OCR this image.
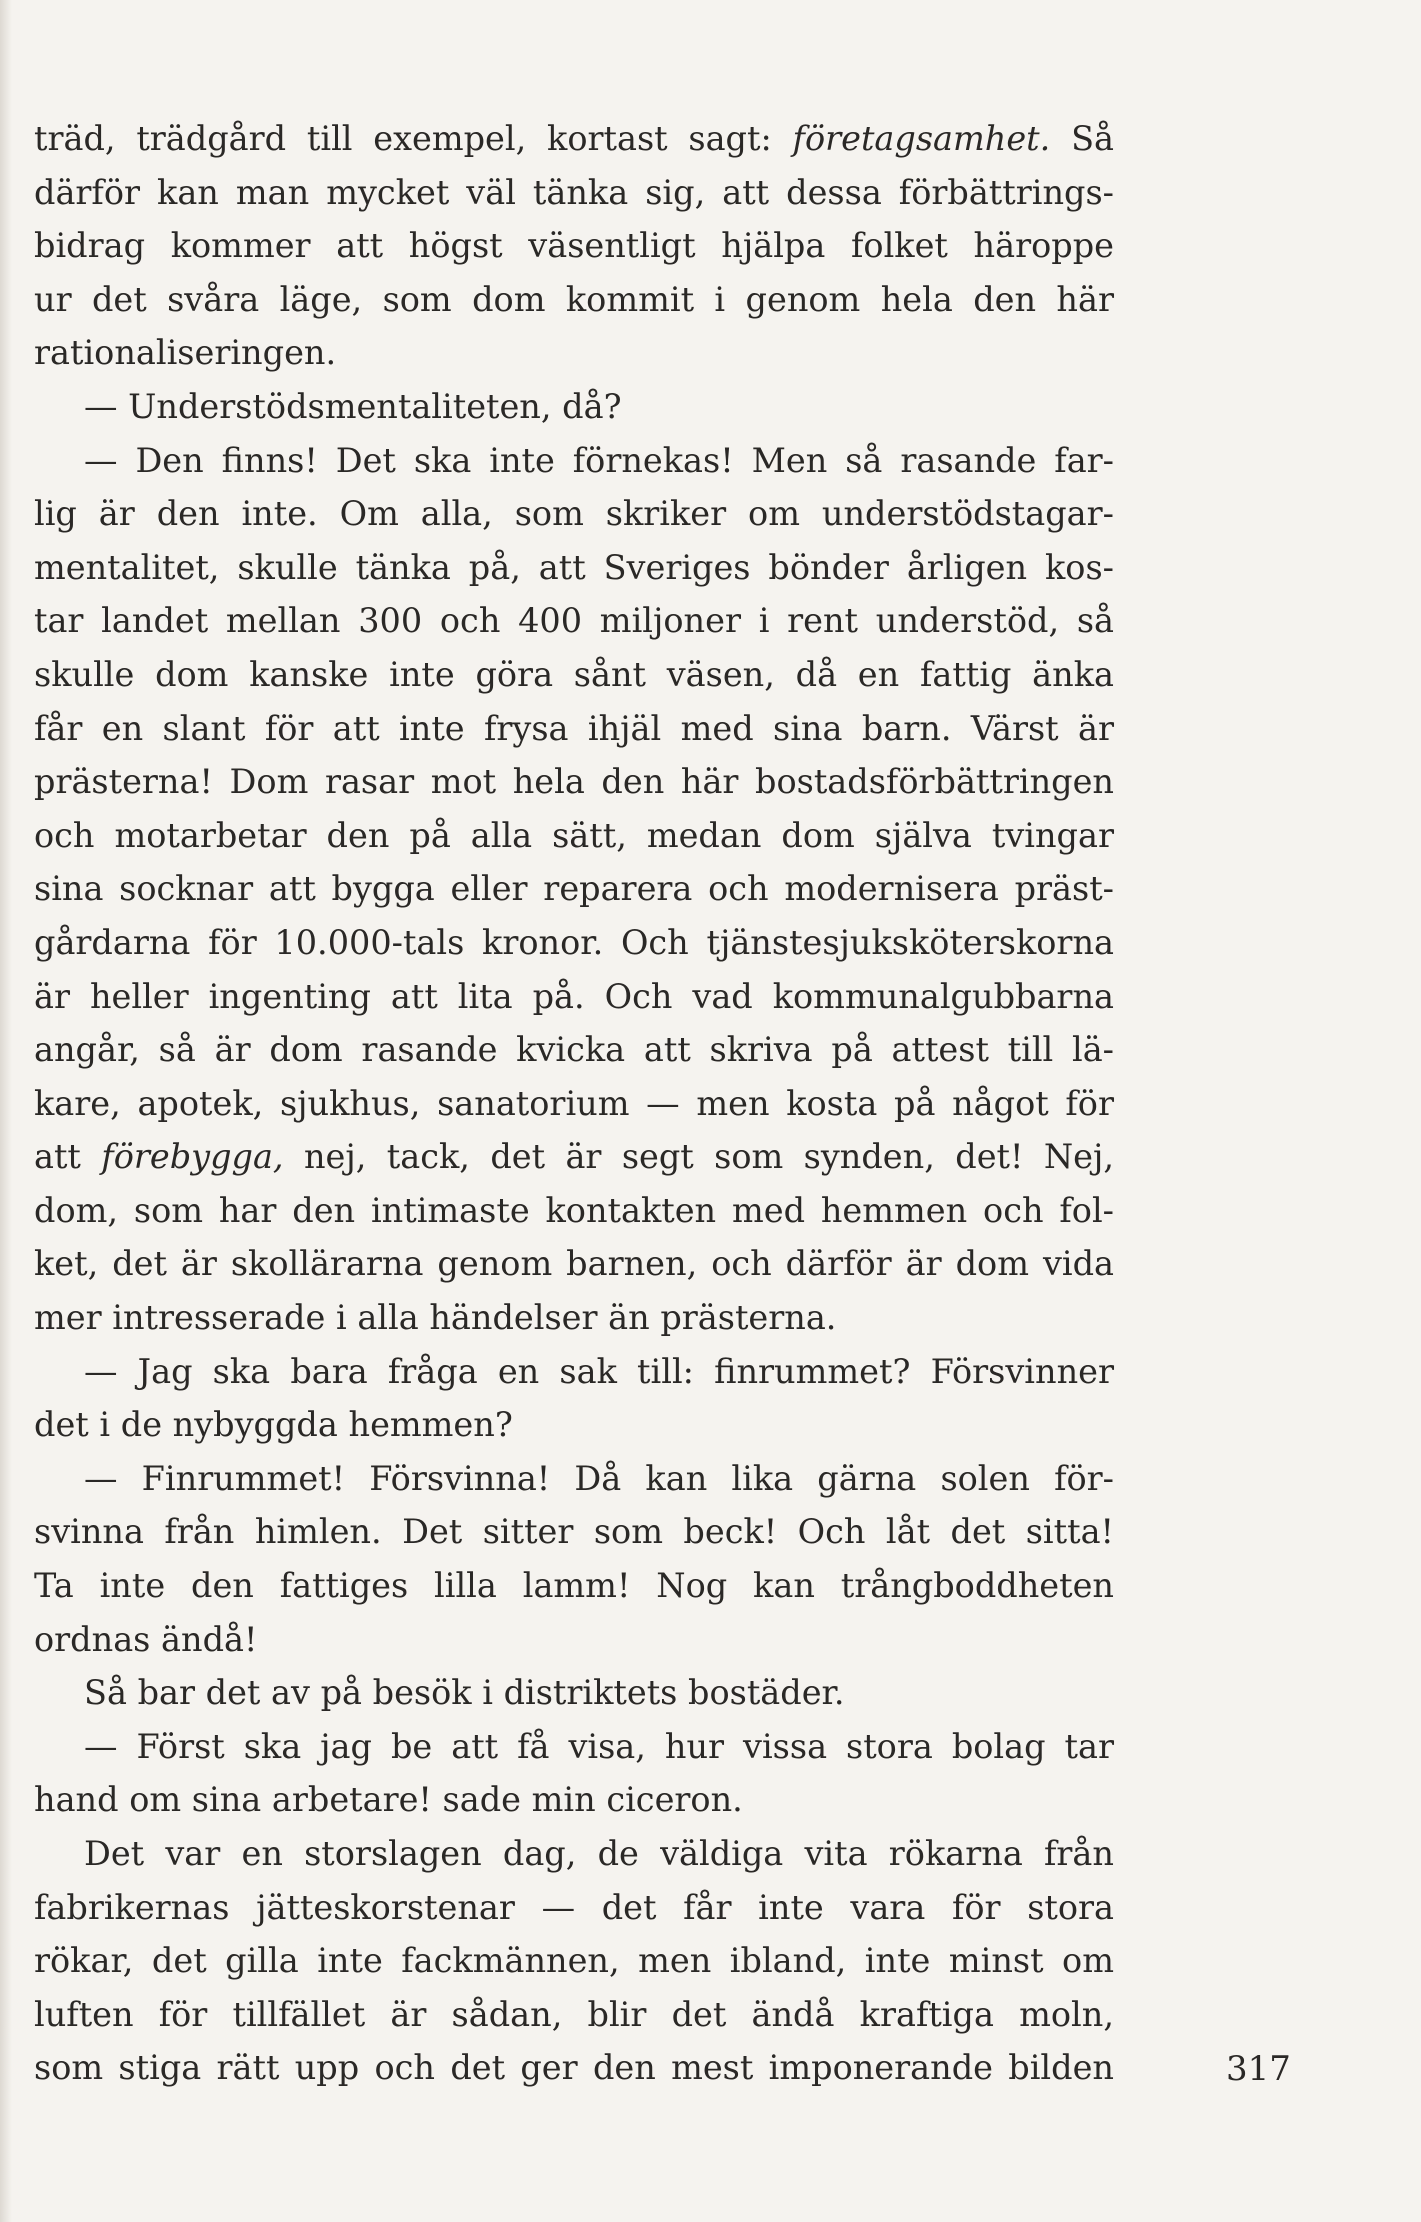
träd, trädgård till exempel, kortast sagt: företagsamhet. Så
därför kan man mycket väl tänka sig, att dessa förbättrings-
bidrag kommer att högst väsentligt hjälpa folket häroppe
ur det svåra läge, som dom kommit i genom hela den här
rationaliseringen.
— Understödsmentaliteten, då?
— Den finns! Det ska inte förnekas! Men så rasande far-
lig är den inte. Om alla, som skriker om understödstagar-
mentalitet, skulle tänka på, att Sveriges bönder årligen kos-
tar landet mellan 300 och 400 miljoner i rent understöd, så
skulle dom kanske inte göra sånt väsen, då en fattig änka
får en slant för att inte frysa ihjäl med sina barn. Värst är
prästerna! Dom rasar mot hela den här bostadsförbättringen
och motarbetar den på alla sätt, medan dom själva tvingar
sina socknar att bygga eller reparera och modernisera präst-
gårdarna för 10.000-tals kronor. Och tjänstesjuksköterskorna
är heller ingenting att lita på. Och vad kommunalgubbarna
angår, så är dom rasande kvicka att skriva på attest till lä-
kare, apotek, sjukhus, sanatorium — men kosta på något för
att förebygga, nej, tack, det är segt som synden, det! Nej,
dom, som har den intimaste kontakten med hemmen och fol-
ket, det är skollärarna genom barnen, och därför är dom vida
mer intresserade i alla händelser än prästerna.
— Jag ska bara fråga en sak till: finrummet? Försvinner
det i de nybyggda hemmen?
— Finrummet! Försvinna! Då kan lika gärna solen för-
svinna från himlen. Det sitter som beck! Och låt det sitta!
Ta inte den fattiges lilla lamm! Nog kan trångboddheten
ordnas ändå!
Så bar det av på besök i distriktets bostäder.
— Först ska jag be att få visa, hur vissa stora bolag tar
hand om sina arbetare! sade min ciceron.
Det var en storslagen dag, de väldiga vita rökarna från
fabrikernas jätteskorstenar — det får inte vara för stora
rökar, det gilla inte fackmännen, men ibland, inte minst om
luften för tillfället är sådan, blir det ändå kraftiga moln,
som stiga rätt upp och det ger den mest imponerande bilden	317
